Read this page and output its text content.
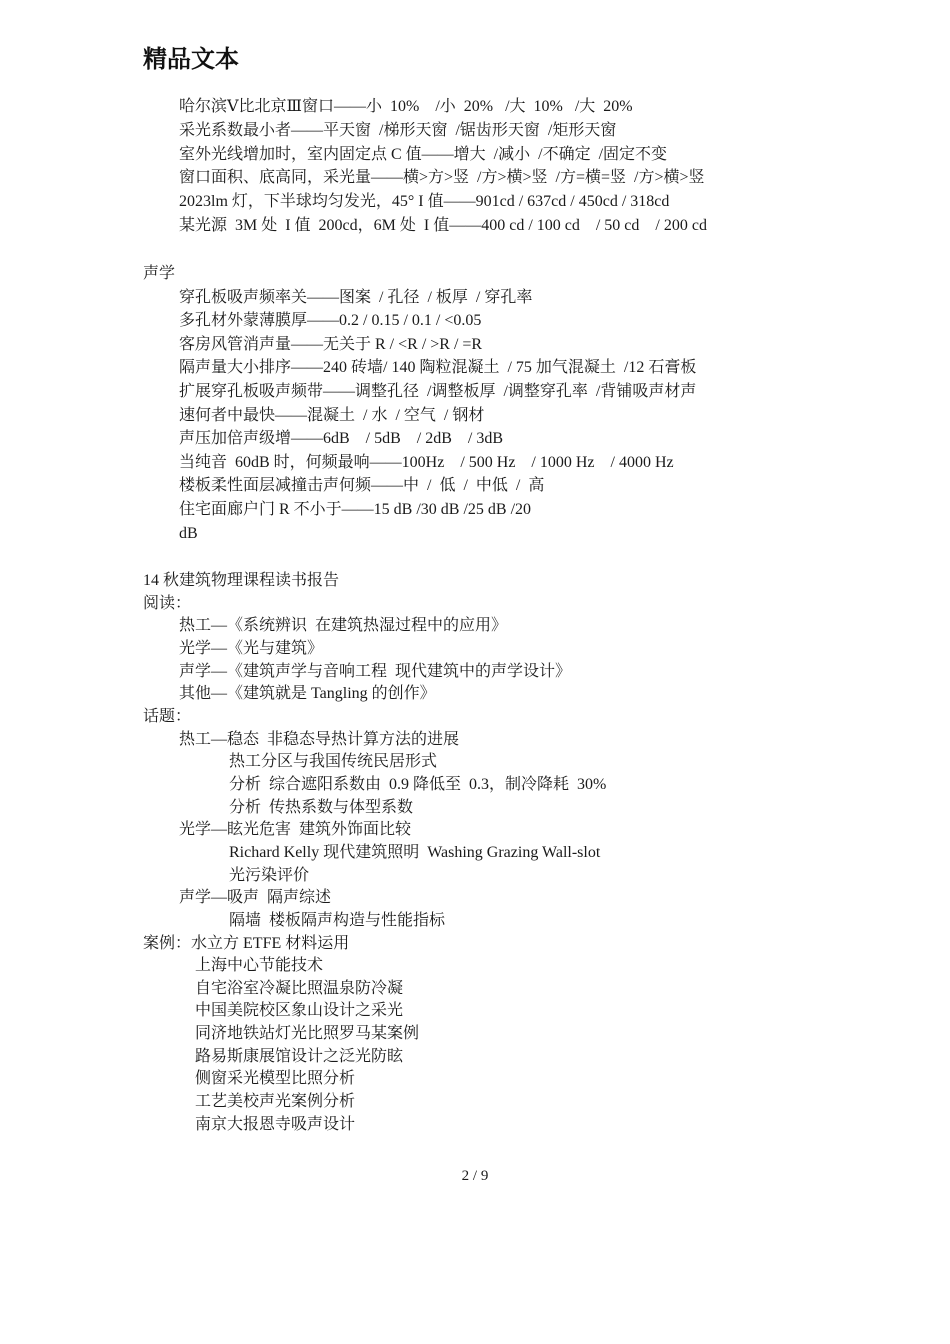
精品文本
哈尔滨Ⅴ比北京Ⅲ窗口——小  10%    /小  20%   /大  10%   /大  20%
采光系数最小者——平天窗  /梯形天窗  /锯齿形天窗  /矩形天窗
室外光线增加时，室内固定点 C 值——增大  /减小  /不确定  /固定不变
窗口面积、底高同，采光量——横>方>竖  /方>横>竖  /方=横=竖  /方>横>竖
2023lm 灯，下半球均匀发光，45° I 值——901cd / 637cd / 450cd / 318cd
某光源  3M 处  I 值  200cd，6M 处  I 值——400 cd / 100 cd    / 50 cd    / 200 cd
声学
穿孔板吸声频率关——图案  / 孔径  / 板厚  / 穿孔率
多孔材外蒙薄膜厚——0.2 / 0.15 / 0.1 / <0.05
客房风管消声量——无关于 R / <R / >R / =R
隔声量大小排序——240 砖墙/ 140 陶粒混凝土  / 75 加气混凝土  /12 石膏板
扩展穿孔板吸声频带——调整孔径  /调整板厚  /调整穿孔率  /背铺吸声材声
速何者中最快——混凝土  / 水  / 空气  / 钢材
声压加倍声级增——6dB    / 5dB    / 2dB    / 3dB
当纯音  60dB 时，何频最响——100Hz    / 500 Hz    / 1000 Hz    / 4000 Hz
楼板柔性面层减撞击声何频——中  /  低  /  中低  /  高
住宅面廊户门 R 不小于——15 dB /30 dB /25 dB /20
dB
14 秋建筑物理课程读书报告
阅读：
热工—《系统辨识  在建筑热湿过程中的应用》
光学—《光与建筑》
声学—《建筑声学与音响工程  现代建筑中的声学设计》
其他—《建筑就是 Tangling 的创作》
话题：
热工—稳态  非稳态导热计算方法的进展
热工分区与我国传统民居形式
分析  综合遮阳系数由  0.9 降低至  0.3，制冷降耗  30%
分析  传热系数与体型系数
光学—眩光危害  建筑外饰面比较
Richard Kelly 现代建筑照明  Washing Grazing Wall-slot
光污染评价
声学—吸声  隔声综述
隔墙  楼板隔声构造与性能指标
案例：水立方 ETFE 材料运用
上海中心节能技术
自宅浴室冷凝比照温泉防冷凝
中国美院校区象山设计之采光
同济地铁站灯光比照罗马某案例
路易斯康展馆设计之泛光防眩
侧窗采光模型比照分析
工艺美校声光案例分析
南京大报恩寺吸声设计
2 / 9
